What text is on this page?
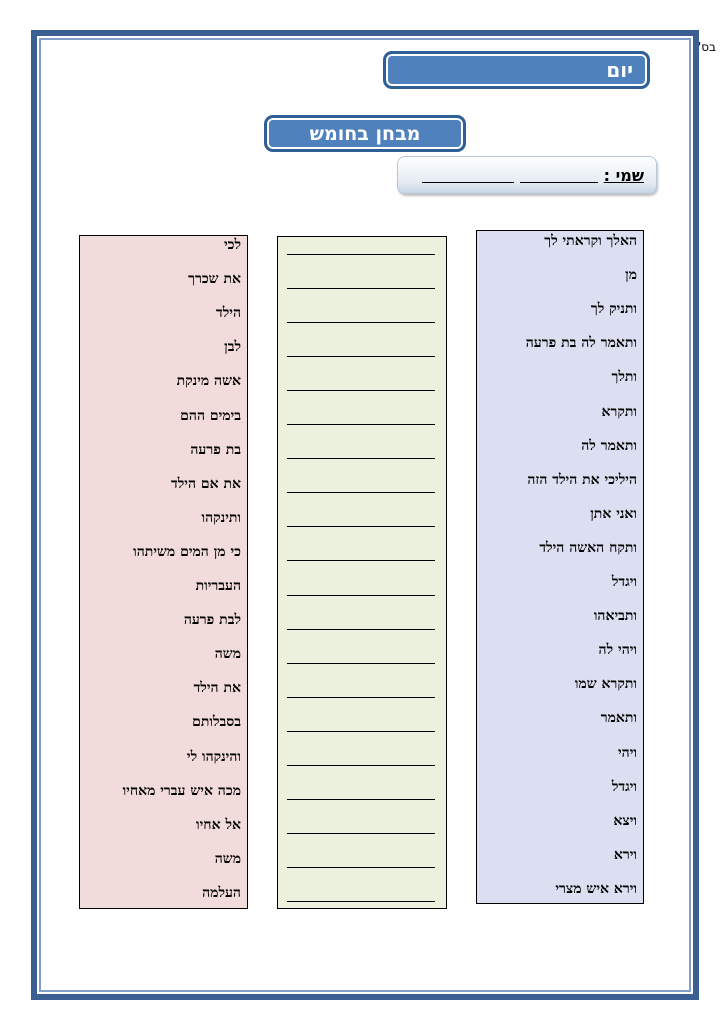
בס"ד
יום
מבחן בחומש
שמי :
האלך וקראתי לך
מן
ותניק לך
ותאמר לה בת פרעה
ותלך
ותקרא
ותאמר לה
היליכי את הילד הזה
ואני אתן
ותקח האשה הילד
ויגדל
ותביאהו
ויהי לה
ותקרא שמו
ותאמר
ויהי
ויגדל
ויצא
וירא
וירא איש מצרי
לכי
את שכרך
הילד
לבן
אשה מינקת
בימים ההם
בת פרעה
את אם הילד
ותינקהו
כי מן המים משיתהו
העבריות
לבת פרעה
משה
את הילד
בסבלותם
והינקהו לי
מכה איש עברי מאחיו
אל אחיו
משה
העלמה
